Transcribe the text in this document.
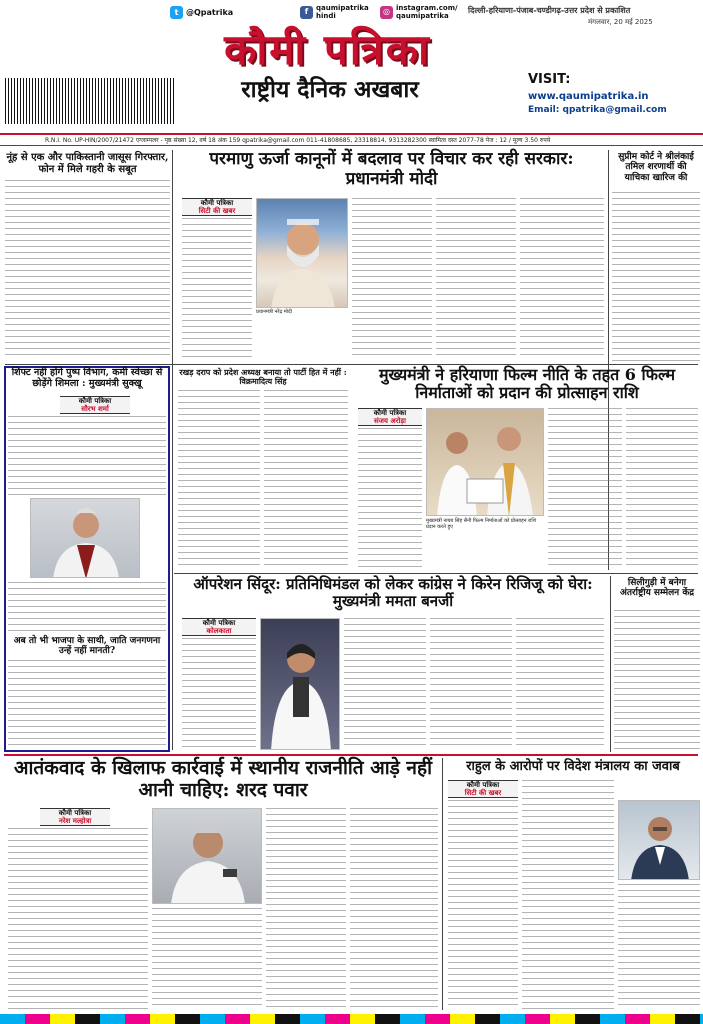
t @Qpatrika	f	qaumipatrika
hindi	◎ instagram.com/
qaumipatrika
दिल्ली-हरियाणा-पंजाब-चण्डीगढ़-उत्तर प्रदेश से प्रकाशित
मंगलवार, 20 मई 2025
कौमी पत्रिका
राष्ट्रीय दैनिक अखबार	VISIT:
www.qaumipatrika.in
Email: qpatrika@gmail.com
R.N.I. No. UP-HIN/2007/21472 एग्जाम्पलर - पृष्ठ संख्या 12, वर्ष 18 अंक 159 qpatrika@gmail.com 011-41808685, 23318814, 9313282300 स्वामित्व दस्त 2077-78 पेज : 12 / मूल्य 3.50 रुपये
नूंह से एक और पाकिस्तानी जासूस गिरफ्तार, फोन में मिले गहरी के सबूत	परमाणु ऊर्जा कानूनों में बदलाव पर विचार कर रही सरकार: प्रधानमंत्री मोदी
कौमी पत्रिका
सिटी की खबर
प्रधानमंत्री नरेंद्र मोदी
सुप्रीम कोर्ट ने श्रीलंकाई तमिल शरणार्थी की याचिका खारिज की
शिफ्ट नहीं होंगे पुष्प विभाग, कमी स्वेच्छा से छोड़ेंगे शिमला : मुख्यमंत्री सुक्खू
कौमी पत्रिका
सौरभ शर्मा
अब तो भी भाजपा के साथी, जाति जनगणना उन्हें नहीं मानती?
रखड़ दराप को प्रदेश अध्यक्ष बनाया तो पार्टी हित में नहीं : विक्रमादित्य सिंह	मुख्यमंत्री ने हरियाणा फिल्म नीति के तहत 6 फिल्म निर्माताओं को प्रदान की प्रोत्साहन राशि
कौमी पत्रिका
संजय अरोड़ा
मुख्यमंत्री नायब सिंह सैनी फिल्म निर्माताओं को प्रोत्साहन राशि प्रदान करते हुए
ऑपरेशन सिंदूर: प्रतिनिधिमंडल को लेकर कांग्रेस ने किरेन रिजिजू को घेरा: मुख्यमंत्री ममता बनर्जी
कौमी पत्रिका
कोलकाता
सिलीगुड़ी में बनेगा अंतर्राष्ट्रीय सम्मेलन केंद्र
आतंकवाद के खिलाफ कार्रवाई में स्थानीय राजनीति आड़े नहीं आनी चाहिए: शरद पवार
कौमी पत्रिका
नरेश मल्होत्रा
राहुल के आरोपों पर विदेश मंत्रालय का जवाब
कौमी पत्रिका
सिटी की खबर
